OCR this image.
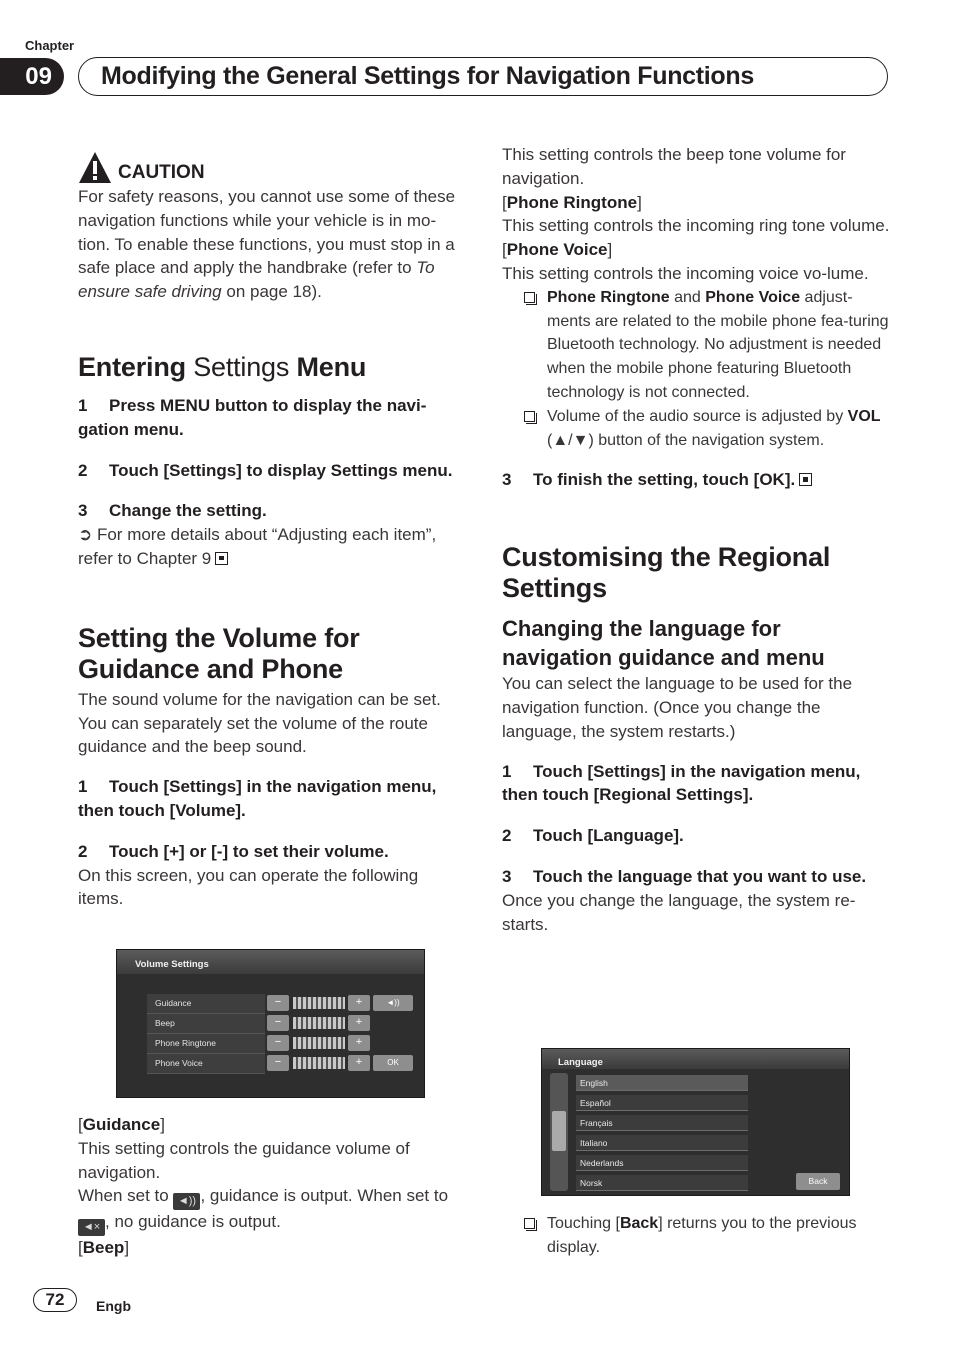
Chapter
09	Modifying the General Settings for Navigation Functions
CAUTION

For safety reasons, you cannot use some of these navigation functions while your vehicle is in mo-tion. To enable these functions, you must stop in a safe place and apply the handbrake (refer to To ensure safe driving on page 18).

Entering Settings Menu

1 Press MENU button to display the navi-gation menu.

2 Touch [Settings] to display Settings menu.

3 Change the setting.

➲ For more details about “Adjusting each item”, refer to Chapter 9

Setting the Volume for Guidance and Phone

The sound volume for the navigation can be set. You can separately set the volume of the route guidance and the beep sound.

1 Touch [Settings] in the navigation menu, then touch [Volume].

2 Touch [+] or [-] to set their volume.

On this screen, you can operate the following items.

Volume Settings
Guidance	−	+	◄))
Beep	−	+
Phone Ringtone	−	+
Phone Voice	−	+	OK

[Guidance]

This setting controls the guidance volume of navigation.

When set to ◄)) , guidance is output. When set to ◄× , no guidance is output.

[Beep]

This setting controls the beep tone volume for navigation.

[Phone Ringtone]

This setting controls the incoming ring tone volume.

[Phone Voice]

This setting controls the incoming voice vo-lume.

Phone Ringtone and Phone Voice adjust-ments are related to the mobile phone fea-turing Bluetooth technology. No adjustment is needed when the mobile phone featuring Bluetooth technology is not connected.
Volume of the audio source is adjusted by VOL (▲/▼) button of the navigation system.

3 To finish the setting, touch [OK].

Customising the Regional Settings
Changing the language for navigation guidance and menu

You can select the language to be used for the navigation function. (Once you change the language, the system restarts.)

1 Touch [Settings] in the navigation menu, then touch [Regional Settings].

2 Touch [Language].

3 Touch the language that you want to use.

Once you change the language, the system re-starts.

Language
English
Español
Français
Italiano
Nederlands
Norsk	Back
Touching [Back] returns you to the previous display.
72	Engb
